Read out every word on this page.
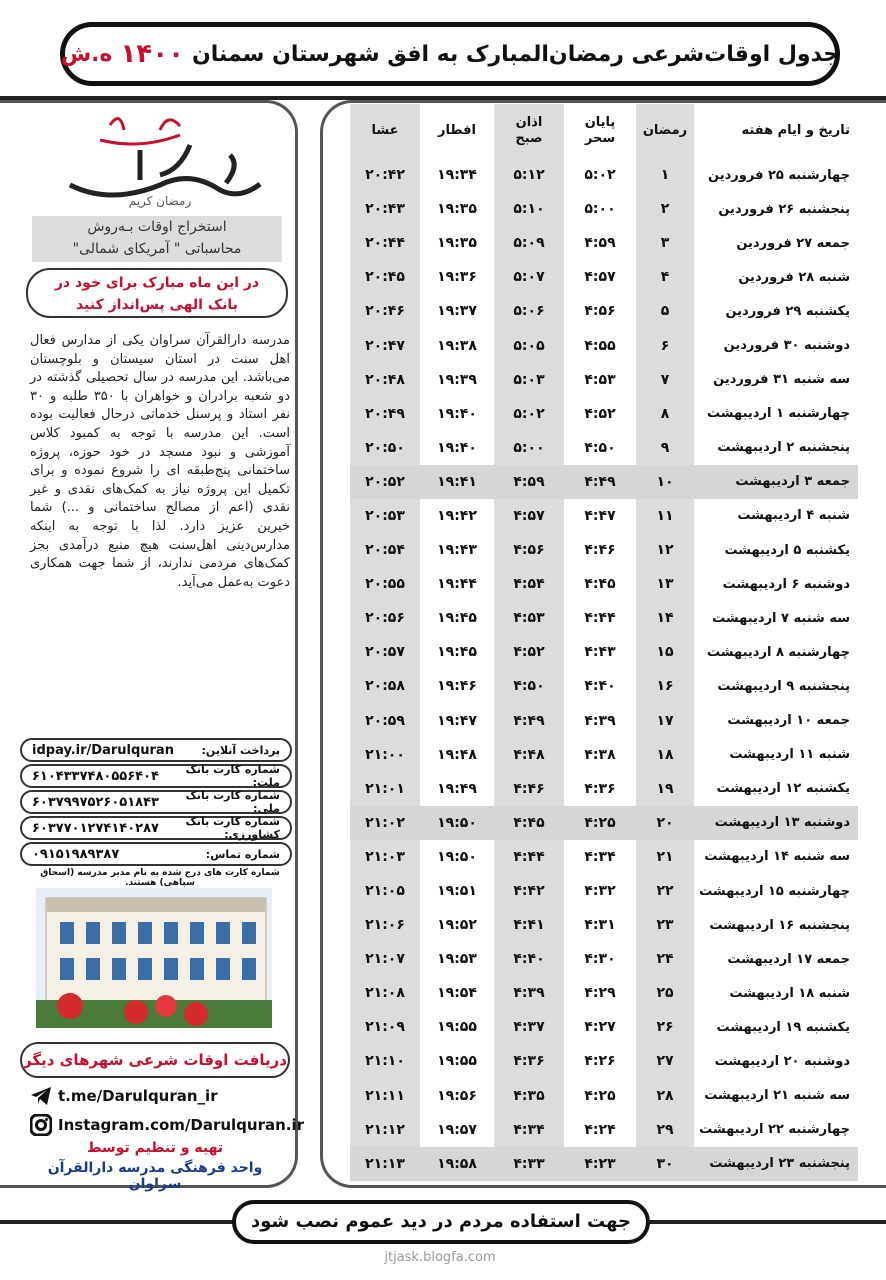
جدول اوقات‌شرعی رمضان‌المبارک به افق شهرستان سمنان
۱۴۰۰
ه.ش
تاریخ و ایام هفته	رمضان	پایان
سحر	اذان
صبح	افطار	عشا
چهارشنبه ۲۵ فروردین	۱	۵:۰۲	۵:۱۲	۱۹:۳۴	۲۰:۴۲
پنجشنبه ۲۶ فروردین	۲	۵:۰۰	۵:۱۰	۱۹:۳۵	۲۰:۴۳
جمعه ۲۷ فروردین	۳	۴:۵۹	۵:۰۹	۱۹:۳۵	۲۰:۴۴
شنبه ۲۸ فروردین	۴	۴:۵۷	۵:۰۷	۱۹:۳۶	۲۰:۴۵
یکشنبه ۲۹ فروردین	۵	۴:۵۶	۵:۰۶	۱۹:۳۷	۲۰:۴۶
دوشنبه ۳۰ فروردین	۶	۴:۵۵	۵:۰۵	۱۹:۳۸	۲۰:۴۷
سه شنبه ۳۱ فروردین	۷	۴:۵۳	۵:۰۳	۱۹:۳۹	۲۰:۴۸
چهارشنبه ۱ اردیبهشت	۸	۴:۵۲	۵:۰۲	۱۹:۴۰	۲۰:۴۹
پنجشنبه ۲ اردیبهشت	۹	۴:۵۰	۵:۰۰	۱۹:۴۰	۲۰:۵۰
جمعه ۳ اردیبهشت	۱۰	۴:۴۹	۴:۵۹	۱۹:۴۱	۲۰:۵۲
شنبه ۴ اردیبهشت	۱۱	۴:۴۷	۴:۵۷	۱۹:۴۲	۲۰:۵۳
یکشنبه ۵ اردیبهشت	۱۲	۴:۴۶	۴:۵۶	۱۹:۴۳	۲۰:۵۴
دوشنبه ۶ اردیبهشت	۱۳	۴:۴۵	۴:۵۴	۱۹:۴۴	۲۰:۵۵
سه شنبه ۷ اردیبهشت	۱۴	۴:۴۴	۴:۵۳	۱۹:۴۵	۲۰:۵۶
چهارشنبه ۸ اردیبهشت	۱۵	۴:۴۳	۴:۵۲	۱۹:۴۵	۲۰:۵۷
پنجشنبه ۹ اردیبهشت	۱۶	۴:۴۰	۴:۵۰	۱۹:۴۶	۲۰:۵۸
جمعه ۱۰ اردیبهشت	۱۷	۴:۳۹	۴:۴۹	۱۹:۴۷	۲۰:۵۹
شنبه ۱۱ اردیبهشت	۱۸	۴:۳۸	۴:۴۸	۱۹:۴۸	۲۱:۰۰
یکشنبه ۱۲ اردیبهشت	۱۹	۴:۳۶	۴:۴۶	۱۹:۴۹	۲۱:۰۱
دوشنبه ۱۳ اردیبهشت	۲۰	۴:۲۵	۴:۴۵	۱۹:۵۰	۲۱:۰۲
سه شنبه ۱۴ اردیبهشت	۲۱	۴:۳۴	۴:۴۴	۱۹:۵۰	۲۱:۰۳
چهارشنبه ۱۵ اردیبهشت	۲۲	۴:۳۲	۴:۴۲	۱۹:۵۱	۲۱:۰۵
پنجشنبه ۱۶ اردیبهشت	۲۳	۴:۳۱	۴:۴۱	۱۹:۵۲	۲۱:۰۶
جمعه ۱۷ اردیبهشت	۲۴	۴:۳۰	۴:۴۰	۱۹:۵۳	۲۱:۰۷
شنبه ۱۸ اردیبهشت	۲۵	۴:۲۹	۴:۳۹	۱۹:۵۴	۲۱:۰۸
یکشنبه ۱۹ اردیبهشت	۲۶	۴:۲۷	۴:۳۷	۱۹:۵۵	۲۱:۰۹
دوشنبه ۲۰ اردیبهشت	۲۷	۴:۲۶	۴:۳۶	۱۹:۵۵	۲۱:۱۰
سه شنبه ۲۱ اردیبهشت	۲۸	۴:۲۵	۴:۳۵	۱۹:۵۶	۲۱:۱۱
چهارشنبه ۲۲ اردیبهشت	۲۹	۴:۲۴	۴:۳۴	۱۹:۵۷	۲۱:۱۲
پنجشنبه ۲۳ اردیبهشت	۳۰	۴:۲۳	۴:۳۳	۱۹:۵۸	۲۱:۱۳
رمضان کریم
استخراج اوقات بـه‌روش
محاسباتی " آمریکای شمالی"
در این ماه مبارک برای خود در
بانک الهی پس‌انداز کنید
مدرسه دارالقرآن سراوان یکی از مدارس فعال اهل سنت در استان سیستان و بلوچستان می‌باشد. این مدرسه در سال تحصیلی گذشته در دو شعبه برادران و خواهران با ۳۵۰ طلبه و ۳۰ نفر استاد و پرسنل خدماتی درحال فعالیت بوده است. این مدرسه با توجه به کمبود کلاس آموزشی و نبود مسجد در خود حوزه، پروژه ساختمانی پنج‌طبقه ای را شروع نموده و برای تکمیل این پروژه نیاز به کمک‌های نقدی و غیر نقدی (اعم از مصالح ساختمانی و ...) شما خیرین عزیز دارد. لذا با توجه به اینکه مدارس‌دینی اهل‌سنت هیچ منبع درآمدی بجز کمک‌های مردمی ندارند، از شما جهت همکاری دعوت به‌عمل می‌آید.
idpay.ir/Darulquran	پرداخت آنلاین:
۶۱۰۴۳۳۷۴۸۰۵۵۶۴۰۴	شماره کارت بانک ملت:
۶۰۳۷۹۹۷۵۲۶۰۵۱۸۴۳	شماره کارت بانک ملی:
۶۰۳۷۷۰۱۲۷۴۱۴۰۲۸۷	شماره کارت بانک کشاورزی:
۰۹۱۵۱۹۸۹۳۸۷	شماره تماس:
شماره کارت های درج شده به نام مدیر مدرسه (اسحاق سپاهی) هستند.
دریافت اوقات شرعی شهرهای دیگر
t.me/Darulquran_ir
Instagram.com/Darulquran.ir
تهیه و تنظیم توسط
واحد فرهنگی مدرسه دارالقرآن سراوان
جهت استفاده مردم در دید عموم نصب شود
jtjask.blogfa.com
